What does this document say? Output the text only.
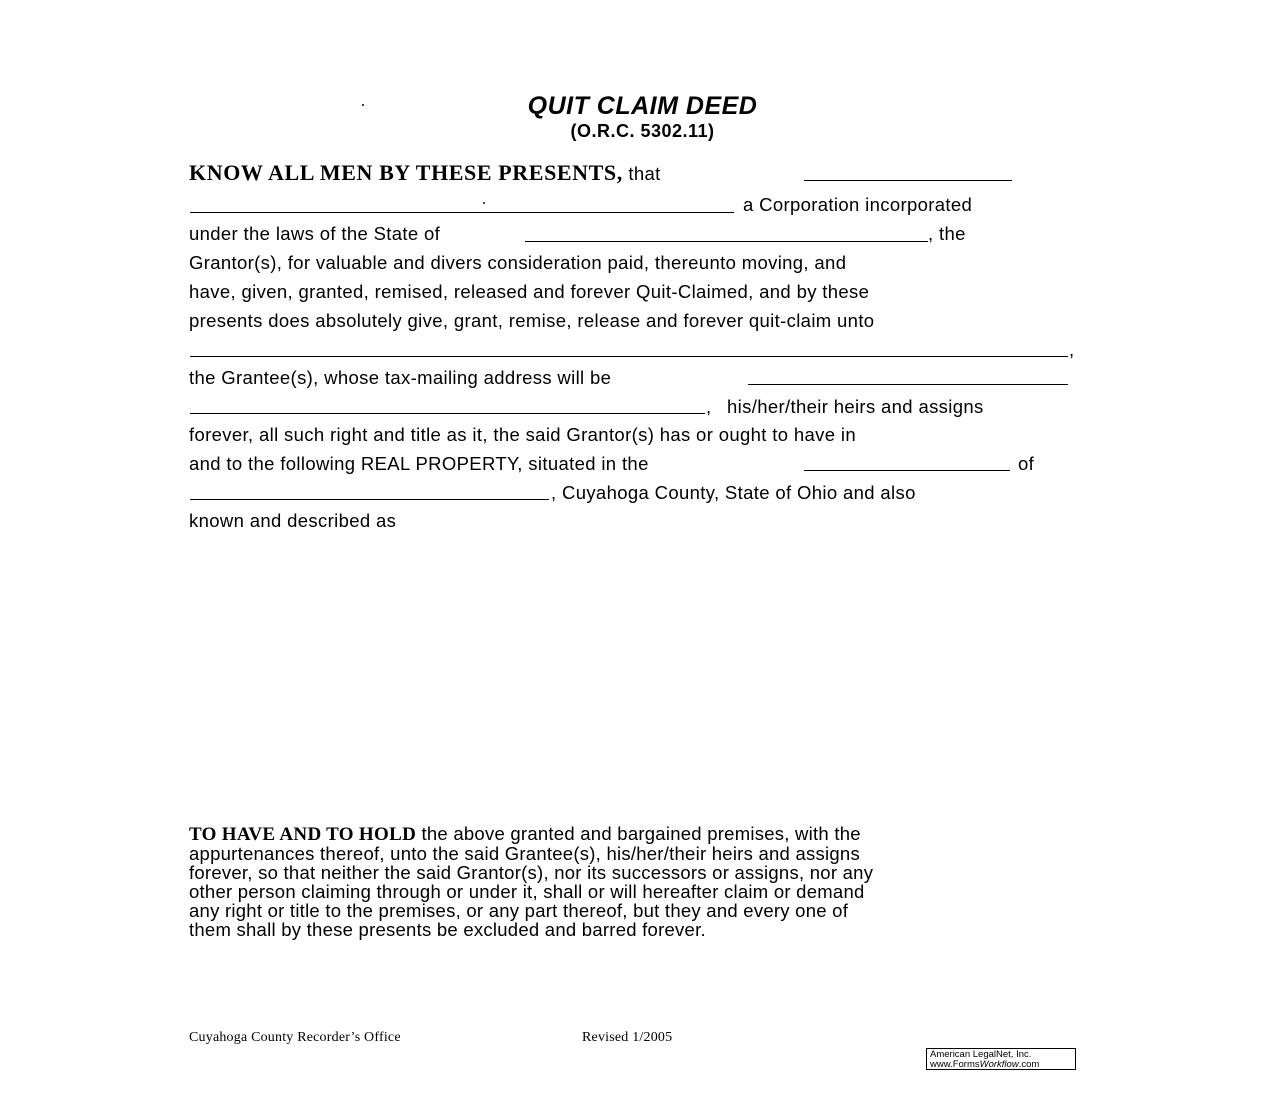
QUIT CLAIM DEED
(O.R.C. 5302.11)
KNOW ALL MEN BY THESE PRESENTS, that
a Corporation incorporated
under the laws of the State of	, the
Grantor(s), for valuable and divers consideration paid, thereunto moving, and
have, given, granted, remised, released and forever Quit-Claimed, and by these
presents does absolutely give, grant, remise, release and forever quit-claim unto
,
the Grantee(s), whose tax-mailing address will be
, his/her/their heirs and assigns
forever, all such right and title as it, the said Grantor(s) has or ought to have in
and to the following REAL PROPERTY, situated in the	of
, Cuyahoga County, State of Ohio and also
known and described as
TO HAVE AND TO HOLD the above granted and bargained premises, with the
appurtenances thereof, unto the said Grantee(s), his/her/their heirs and assigns
forever, so that neither the said Grantor(s), nor its successors or assigns, nor any
other person claiming through or under it, shall or will hereafter claim or demand
any right or title to the premises, or any part thereof, but they and every one of
them shall by these presents be excluded and barred forever.
Cuyahoga County Recorder’s Office	Revised 1/2005
American LegalNet, Inc.
www.FormsWorkflow.com
